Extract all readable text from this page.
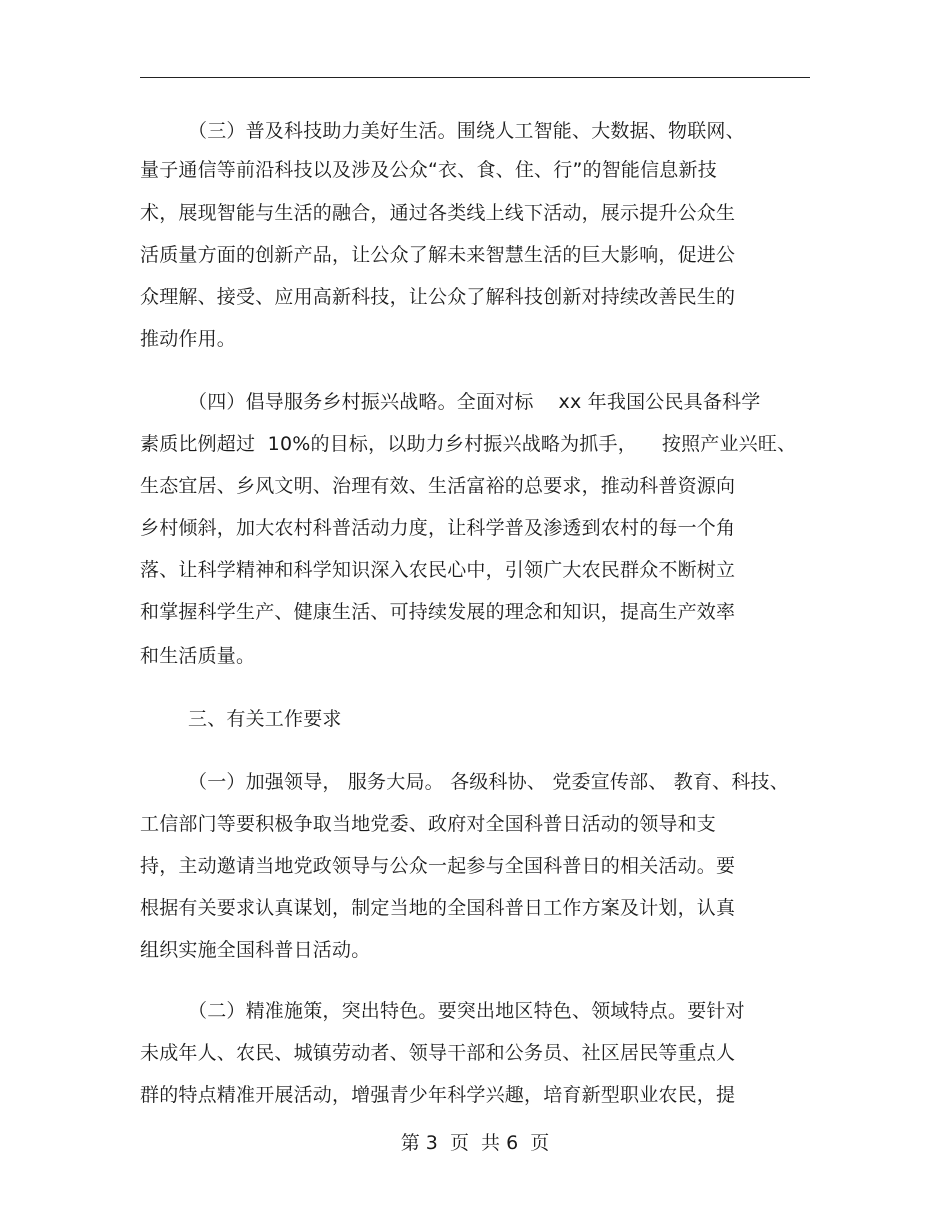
（三）普及科技助力美好生活。围绕人工智能、大数据、物联网、
量子通信等前沿科技以及涉及公众“衣、食、住、行”的智能信息新技
术，展现智能与生活的融合，通过各类线上线下活动，展示提升公众生
活质量方面的创新产品，让公众了解未来智慧生活的巨大影响，促进公
众理解、接受、应用高新科技，让公众了解科技创新对持续改善民生的
推动作用。
（四）倡导服务乡村振兴战略。全面对标    xx 年我国公民具备科学
素质比例超过  10%的目标，以助力乡村振兴战略为抓手，    按照产业兴旺、
生态宜居、乡风文明、治理有效、生活富裕的总要求，推动科普资源向
乡村倾斜，加大农村科普活动力度，让科学普及渗透到农村的每一个角
落、让科学精神和科学知识深入农民心中，引领广大农民群众不断树立
和掌握科学生产、健康生活、可持续发展的理念和知识，提高生产效率
和生活质量。
三、有关工作要求
（一）加强领导， 服务大局。 各级科协、 党委宣传部、 教育、科技、
工信部门等要积极争取当地党委、政府对全国科普日活动的领导和支
持，主动邀请当地党政领导与公众一起参与全国科普日的相关活动。要
根据有关要求认真谋划，制定当地的全国科普日工作方案及计划，认真
组织实施全国科普日活动。
（二）精准施策，突出特色。要突出地区特色、领域特点。要针对
未成年人、农民、城镇劳动者、领导干部和公务员、社区居民等重点人
群的特点精准开展活动，增强青少年科学兴趣，培育新型职业农民，提
第 3  页  共 6  页
